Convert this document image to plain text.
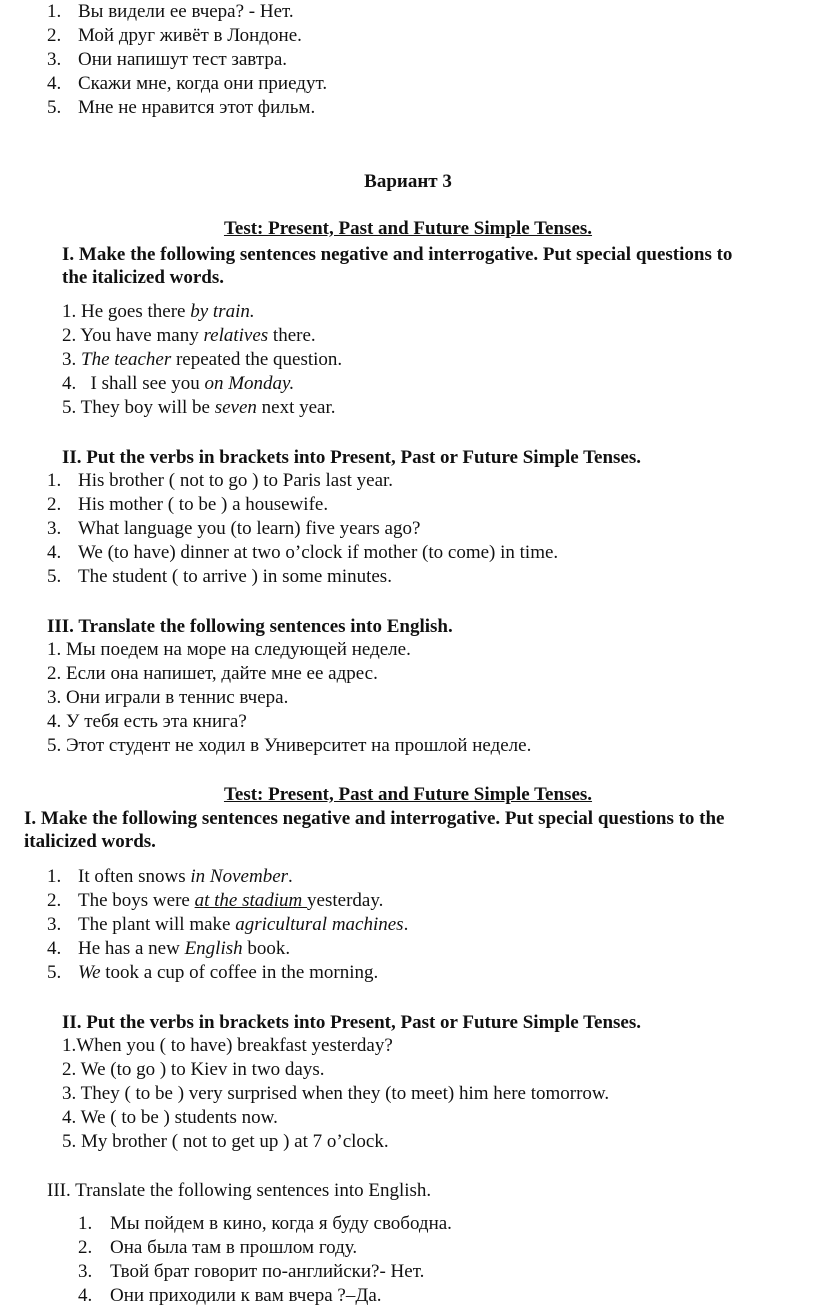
1. Вы видели ее вчера? - Нет.
2. Мой друг живёт в Лондоне.
3. Они напишут тест завтра.
4. Скажи мне, когда они приедут.
5. Мне не нравится этот фильм.
Вариант 3
Test: Present, Past and Future Simple Tenses.
I. Make the following sentences negative and interrogative. Put special questions to
the italicized words.
1. He goes there by train.
2. You have many relatives there.
3. The teacher repeated the question.
4. I shall see you on Monday.
5. They boy will be seven next year.
II. Put the verbs in brackets into Present, Past or Future Simple Tenses.
1. His brother ( not to go ) to Paris last year.
2. His mother ( to be ) a housewife.
3. What language you (to learn) five years ago?
4. We (to have) dinner at two o’clock if mother (to come) in time.
5. The student ( to arrive ) in some minutes.
III. Translate the following sentences into English.
1. Мы поедем на море на следующей неделе.
2. Если она напишет, дайте мне ее адрес.
3. Они играли в теннис вчера.
4. У тебя есть эта книга?
5. Этот студент не ходил в Университет на прошлой неделе.
Test: Present, Past and Future Simple Tenses.
I. Make the following sentences negative and interrogative. Put special questions to the
italicized words.
1. It often snows in November.
2. The boys were at the stadium yesterday.
3. The plant will make agricultural machines.
4. He has a new English book.
5. We took a cup of coffee in the morning.
II. Put the verbs in brackets into Present, Past or Future Simple Tenses.
1.When you ( to have) breakfast yesterday?
2. We (to go ) to Kiev in two days.
3. They ( to be ) very surprised when they (to meet) him here tomorrow.
4. We ( to be ) students now.
5. My brother ( not to get up ) at 7 o’clock.
III. Translate the following sentences into English.
1. Мы пойдем в кино, когда я буду свободна.
2. Она была там в прошлом году.
3. Твой брат говорит по-английски?- Нет.
4. Они приходили к вам вчера ?–Да.
